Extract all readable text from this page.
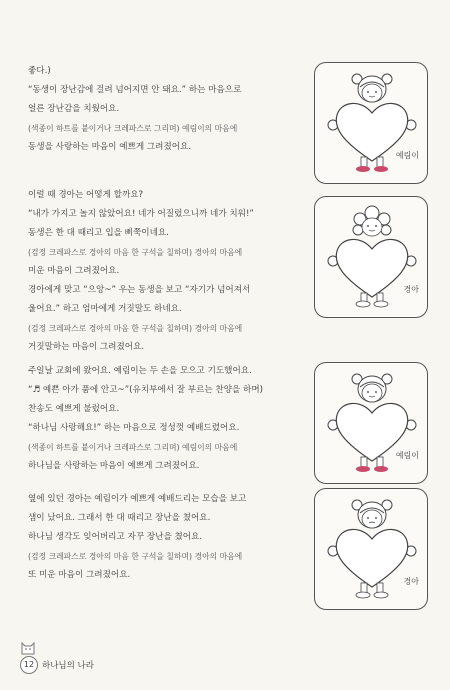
좋다.)
“동생이 장난감에 걸려 넘어지면 안 돼요.” 하는 마음으로
얼른 장난감을 치웠어요.
(색종이 하트를 붙이거나 크레파스로 그리며) 예림이의 마음에
동생을 사랑하는 마음이 예쁘게 그려졌어요.
예림이
이럴 때 경아는 어떻게 할까요?
“내가 가지고 놀지 않았어요! 네가 어질렀으니까 네가 치워!”
동생은 한 대 때리고 입을 삐쭉이네요.
(검정 크레파스로 경아의 마음 한 구석을 칠하며) 경아의 마음에
미운 마음이 그려졌어요.
경아에게 맞고 “으앙~” 우는 동생을 보고 “자기가 넘어져서
울어요.” 하고 엄마에게 거짓말도 하네요.
(검정 크레파스로 경아의 마음 한 구석을 칠하며) 경아의 마음에
거짓말하는 마음이 그려졌어요.
경아
주일날 교회에 왔어요. 예림이는 두 손을 모으고 기도했어요.
“♬ 예쁜 아가 품에 안고~”(유치부에서 잘 부르는 찬양을 하며)
찬송도 예쁘게 불렀어요.
“하나님 사랑해요!” 하는 마음으로 정성껏 예배드렸어요.
(색종이 하트를 붙이거나 크레파스로 그리며) 예림이의 마음에
하나님을 사랑하는 마음이 예쁘게 그려졌어요.
예림이
옆에 있던 경아는 예림이가 예쁘게 예배드리는 모습을 보고
샘이 났어요. 그래서 한 대 때리고 장난을 쳤어요.
하나님 생각도 잊어버리고 자꾸 장난을 쳤어요.
(검정 크레파스로 경아의 마음 한 구석을 칠하며) 경아의 마음에
또 미운 마음이 그려졌어요.
경아
12 하나님의 나라
